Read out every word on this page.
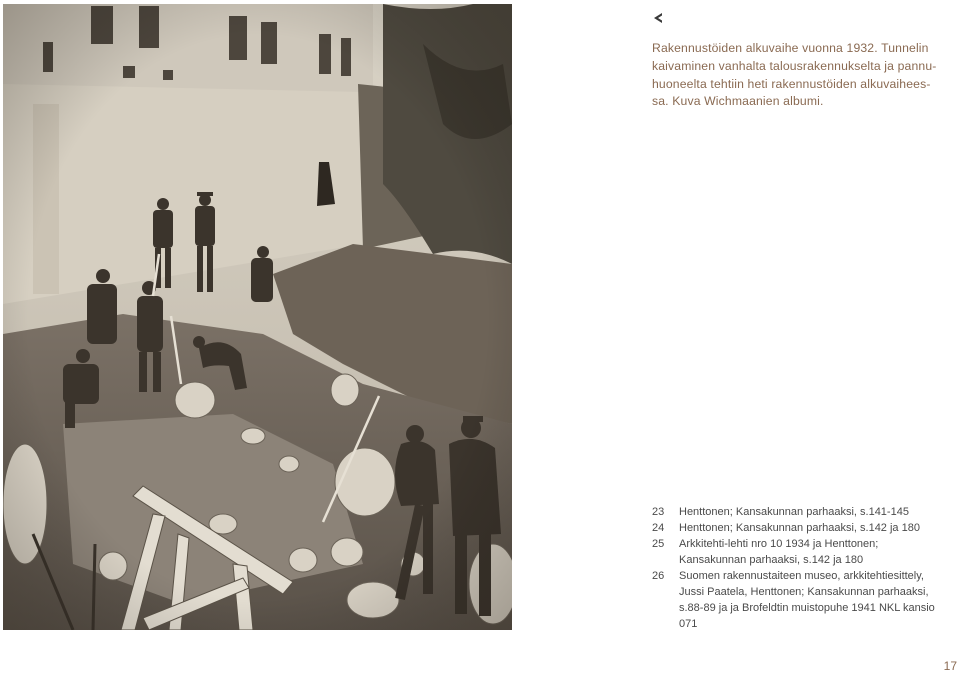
Rakennustöiden alkuvaihe vuonna 1932. Tunnelin
kaivaminen vanhalta talousrakennukselta ja pannu-
huoneelta tehtiin heti rakennustöiden alkuvaihees-
sa. Kuva Wichmaanien albumi.
23	Henttonen; Kansakunnan parhaaksi, s.141-145
24	Henttonen; Kansakunnan parhaaksi, s.142 ja 180
25	Arkkitehti-lehti nro 10 1934 ja Henttonen;
Kansakunnan parhaaksi, s.142 ja 180
26	Suomen rakennustaiteen museo, arkkitehtiesittely,
Jussi Paatela, Henttonen; Kansakunnan parhaaksi,
s.88-89 ja ja Brofeldtin muistopuhe 1941 NKL kansio
071
17
